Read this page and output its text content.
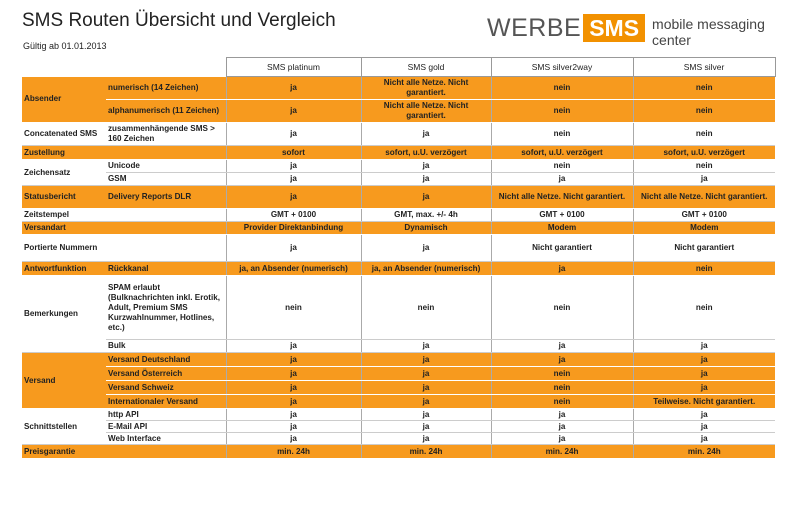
SMS Routen Übersicht und Vergleich
Gültig ab 01.01.2013
WERBE SMS mobile messaging center
		SMS platinum	SMS gold	SMS silver2way	SMS silver
Absender	numerisch (14 Zeichen)	ja	Nicht alle Netze. Nicht garantiert.	nein	nein
	alphanumerisch (11 Zeichen)	ja	Nicht alle Netze. Nicht garantiert.	nein	nein
Concatenated SMS	zusammenhängende SMS > 160 Zeichen	ja	ja	nein	nein
Zustellung		sofort	sofort, u.U. verzögert	sofort, u.U. verzögert	sofort, u.U. verzögert
Zeichensatz	Unicode	ja	ja	nein	nein
	GSM	ja	ja	ja	ja
Statusbericht	Delivery Reports DLR	ja	ja	Nicht alle Netze. Nicht garantiert.	Nicht alle Netze. Nicht garantiert.
Zeitstempel		GMT + 0100	GMT, max. +/- 4h	GMT + 0100	GMT + 0100
Versandart		Provider Direktanbindung	Dynamisch	Modem	Modem
Portierte Nummern		ja	ja	Nicht garantiert	Nicht garantiert
Antwortfunktion	Rückkanal	ja, an Absender (numerisch)	ja, an Absender (numerisch)	ja	nein
Bemerkungen	SPAM erlaubt (Bulknachrichten inkl. Erotik, Adult, Premium SMS Kurzwahlnummer, Hotlines, etc.)	nein	nein	nein	nein
	Bulk	ja	ja	ja	ja
Versand	Versand Deutschland	ja	ja	ja	ja
	Versand Österreich	ja	ja	nein	ja
	Versand Schweiz	ja	ja	nein	ja
	Internationaler Versand	ja	ja	nein	Teilweise. Nicht garantiert.
Schnittstellen	http API	ja	ja	ja	ja
	E-Mail API	ja	ja	ja	ja
	Web Interface	ja	ja	ja	ja
Preisgarantie		min. 24h	min. 24h	min. 24h	min. 24h
